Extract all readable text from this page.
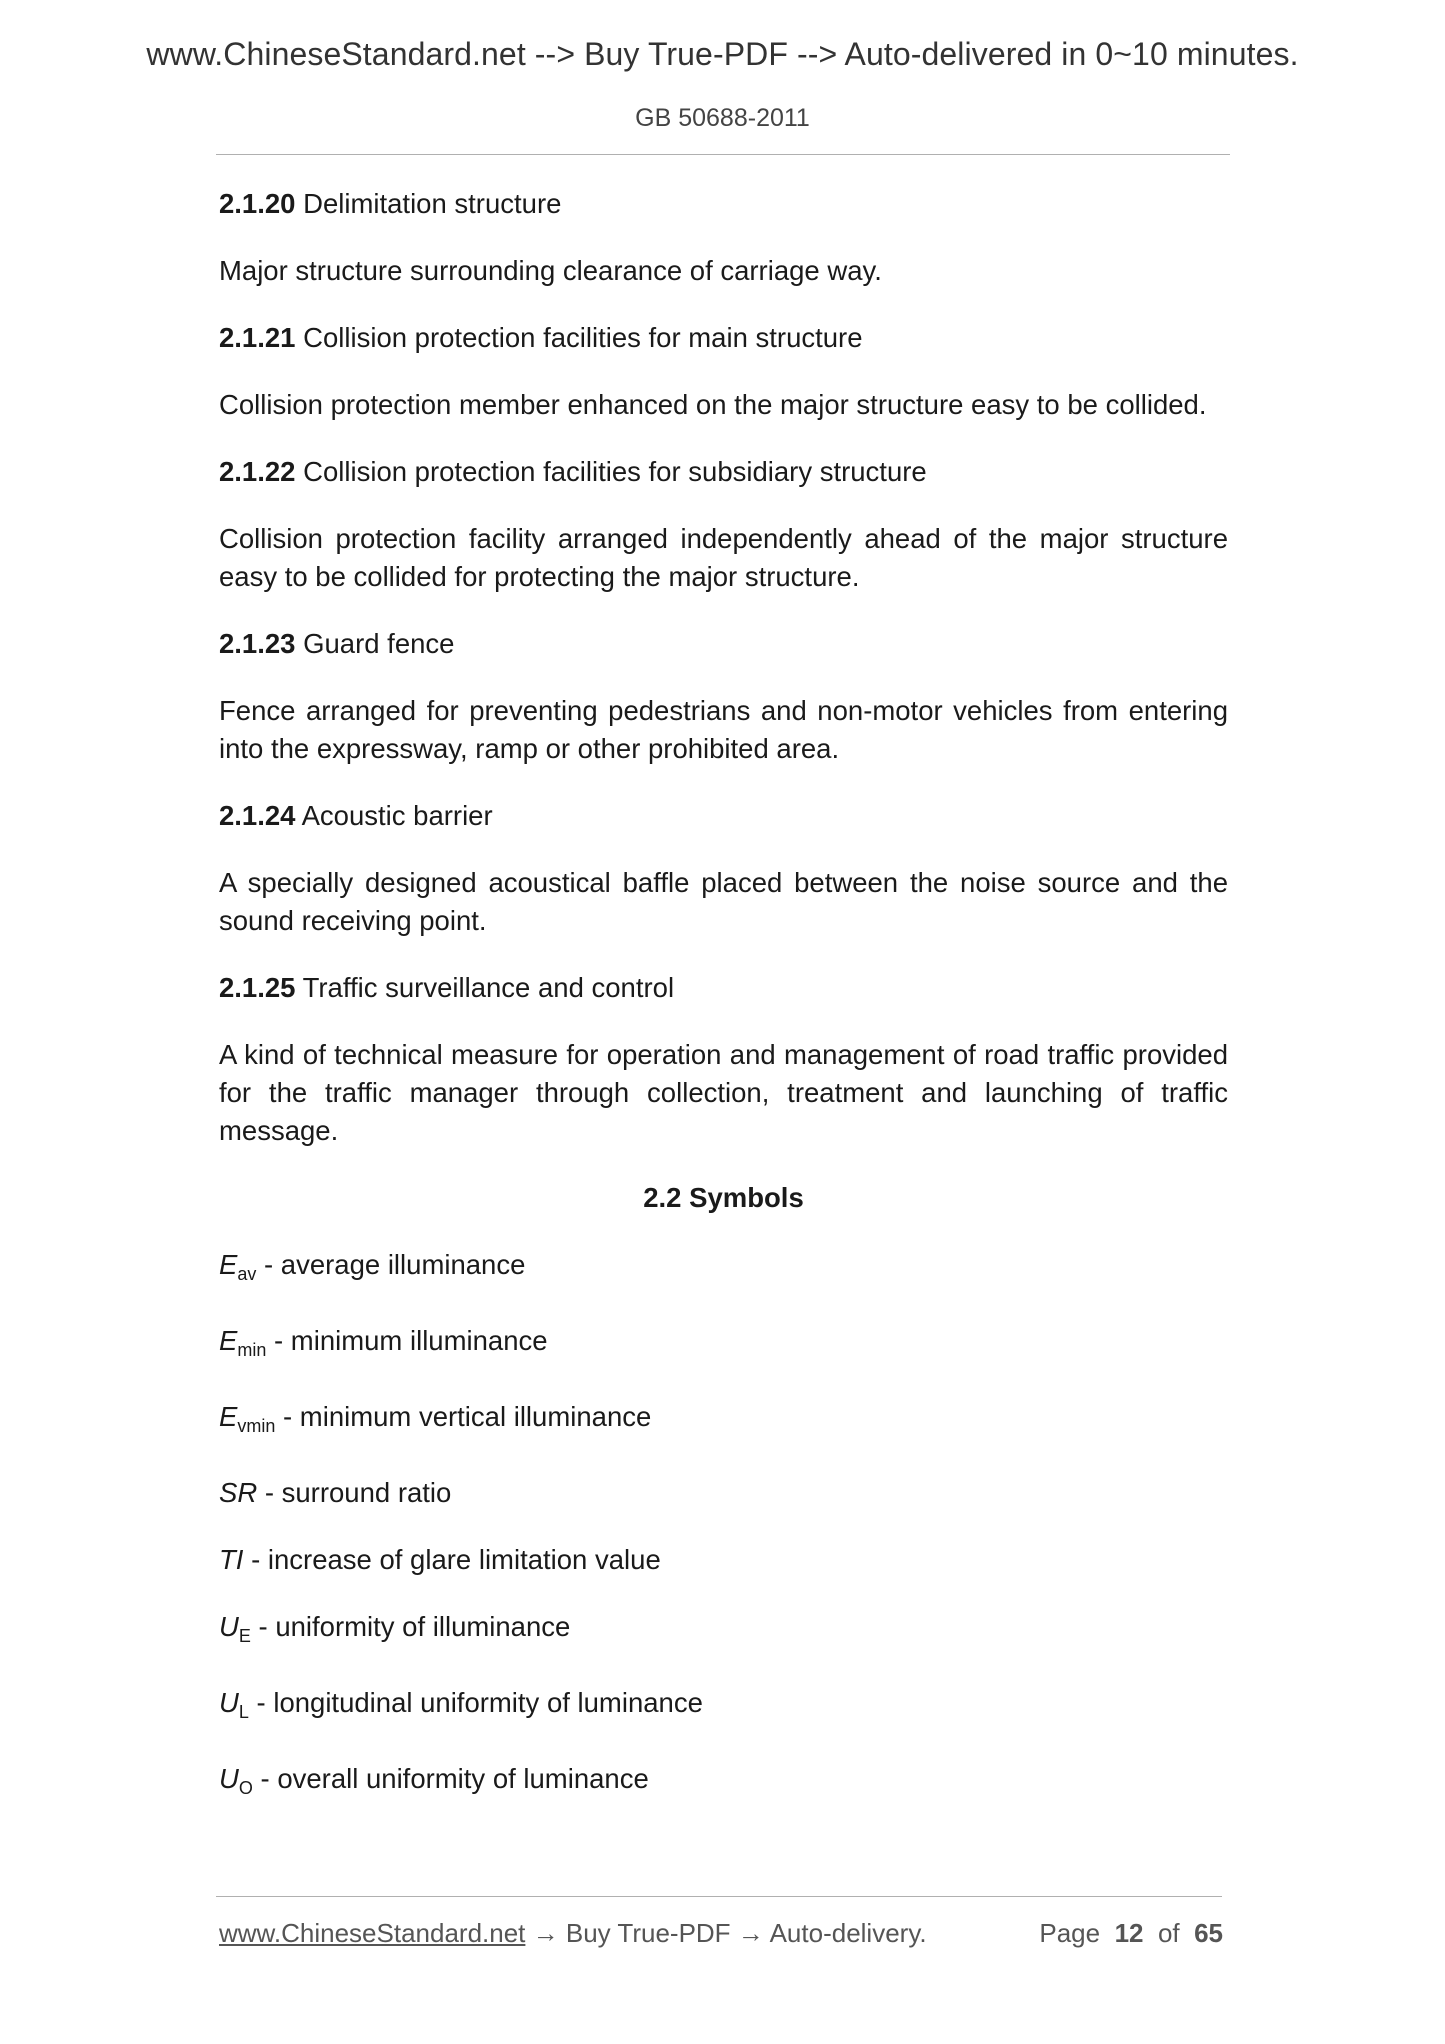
www.ChineseStandard.net --> Buy True-PDF --> Auto-delivered in 0~10 minutes.
GB 50688-2011

2.1.20 Delimitation structure

Major structure surrounding clearance of carriage way.

2.1.21 Collision protection facilities for main structure

Collision protection member enhanced on the major structure easy to be collided.

2.1.22 Collision protection facilities for subsidiary structure

Collision protection facility arranged independently ahead of the major structure easy to be collided for protecting the major structure.

2.1.23 Guard fence

Fence arranged for preventing pedestrians and non-motor vehicles from entering into the expressway, ramp or other prohibited area.

2.1.24 Acoustic barrier

A specially designed acoustical baffle placed between the noise source and the sound receiving point.

2.1.25 Traffic surveillance and control

A kind of technical measure for operation and management of road traffic provided for the traffic manager through collection, treatment and launching of traffic message.

2.2 Symbols

$E_{av}$ - average illuminance

$E_{min}$ - minimum illuminance

$E_{vmin}$ - minimum vertical illuminance

SR - surround ratio

TI - increase of glare limitation value

$U_E$ - uniformity of illuminance

$U_L$ - longitudinal uniformity of luminance

$U_O$ - overall uniformity of luminance

www.ChineseStandard.net → Buy True-PDF → Auto-delivery.	Page 12 of 65
